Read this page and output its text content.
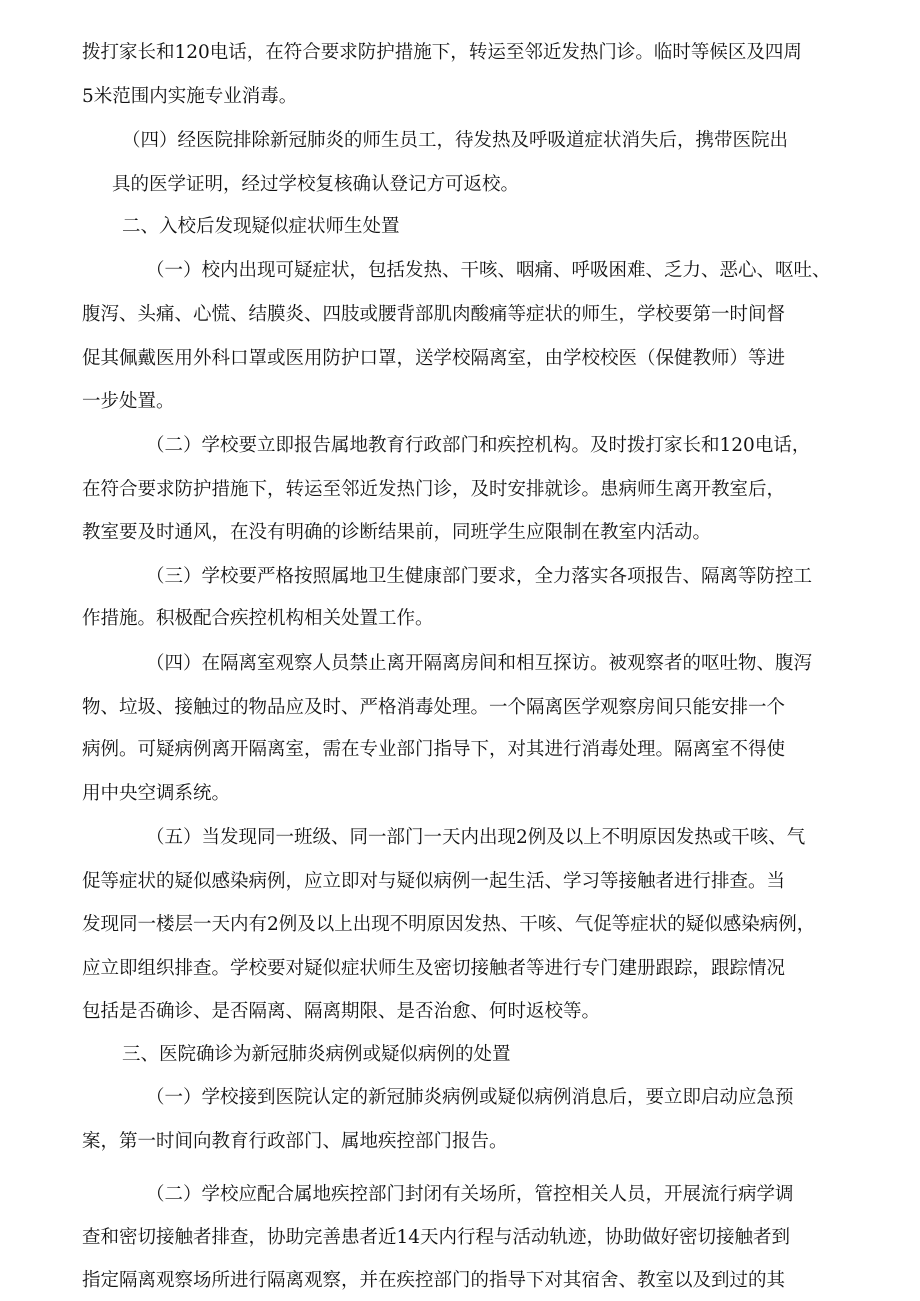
拨打家长和120电话，在符合要求防护措施下，转运至邻近发热门诊。临时等候区及四周

5米范围内实施专业消毒。

（四）经医院排除新冠肺炎的师生员工，待发热及呼吸道症状消失后，携带医院出

具的医学证明，经过学校复核确认登记方可返校。

二、入校后发现疑似症状师生处置

（一）校内出现可疑症状，包括发热、干咳、咽痛、呼吸困难、乏力、恶心、呕吐、

腹泻、头痛、心慌、结膜炎、四肢或腰背部肌肉酸痛等症状的师生，学校要第一时间督

促其佩戴医用外科口罩或医用防护口罩，送学校隔离室，由学校校医（保健教师）等进

一步处置。

（二）学校要立即报告属地教育行政部门和疾控机构。及时拨打家长和120电话，

在符合要求防护措施下，转运至邻近发热门诊，及时安排就诊。患病师生离开教室后，

教室要及时通风，在没有明确的诊断结果前，同班学生应限制在教室内活动。

（三）学校要严格按照属地卫生健康部门要求，全力落实各项报告、隔离等防控工

作措施。积极配合疾控机构相关处置工作。

（四）在隔离室观察人员禁止离开隔离房间和相互探访。被观察者的呕吐物、腹泻

物、垃圾、接触过的物品应及时、严格消毒处理。一个隔离医学观察房间只能安排一个

病例。可疑病例离开隔离室，需在专业部门指导下，对其进行消毒处理。隔离室不得使

用中央空调系统。

（五）当发现同一班级、同一部门一天内出现2例及以上不明原因发热或干咳、气

促等症状的疑似感染病例，应立即对与疑似病例一起生活、学习等接触者进行排查。当

发现同一楼层一天内有2例及以上出现不明原因发热、干咳、气促等症状的疑似感染病例，

应立即组织排查。学校要对疑似症状师生及密切接触者等进行专门建册跟踪，跟踪情况

包括是否确诊、是否隔离、隔离期限、是否治愈、何时返校等。

三、医院确诊为新冠肺炎病例或疑似病例的处置

（一）学校接到医院认定的新冠肺炎病例或疑似病例消息后，要立即启动应急预

案，第一时间向教育行政部门、属地疾控部门报告。

（二）学校应配合属地疾控部门封闭有关场所，管控相关人员，开展流行病学调

查和密切接触者排查，协助完善患者近14天内行程与活动轨迹，协助做好密切接触者到

指定隔离观察场所进行隔离观察，并在疾控部门的指导下对其宿舍、教室以及到过的其
